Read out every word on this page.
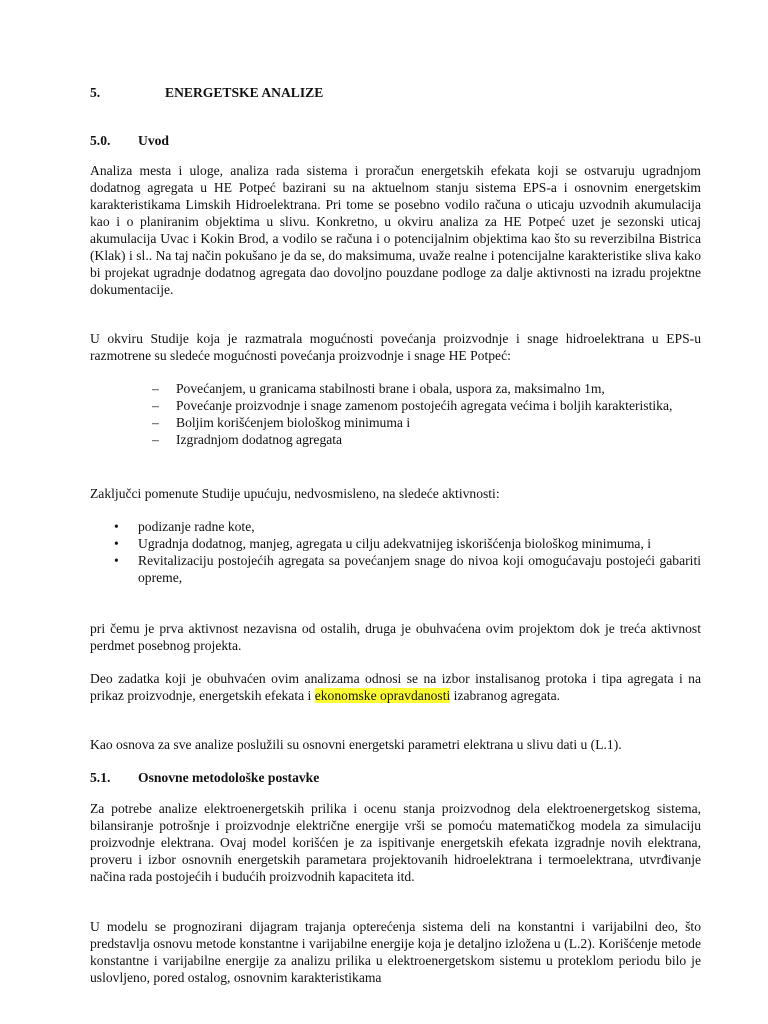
5.	ENERGETSKE ANALIZE
5.0. Uvod

Analiza mesta i uloge, analiza rada sistema i proračun energetskih efekata koji se ostvaruju ugradnjom dodatnog agregata u HE Potpeć bazirani su na aktuelnom stanju sistema EPS-a i osnovnim energetskim karakteristikama Limskih Hidroelektrana. Pri tome se posebno vodilo računa o uticaju uzvodnih akumulacija kao i o planiranim objektima u slivu. Konkretno, u okviru analiza za HE Potpeć uzet je sezonski uticaj akumulacija Uvac i Kokin Brod, a vodilo se računa i o potencijalnim objektima kao što su reverzibilna Bistrica (Klak) i sl.. Na taj način pokušano je da se, do maksimuma, uvaže realne i potencijalne karakteristike sliva kako bi projekat ugradnje dodatnog agregata dao dovoljno pouzdane podloge za dalje aktivnosti na izradu projektne dokumentacije.

U okviru Studije koja je razmatrala mogućnosti povećanja proizvodnje i snage hidroelektrana u EPS-u razmotrene su sledeće mogućnosti povećanja proizvodnje i snage HE Potpeć:

– Povećanjem, u granicama stabilnosti brane i obala, uspora za, maksimalno 1m,
– Povećanje proizvodnje i snage zamenom postojećih agregata većima i boljih karakteristika,
– Boljim korišćenjem biološkog minimuma i
– Izgradnjom dodatnog agregata

Zaključci pomenute Studije upućuju, nedvosmisleno, na sledeće aktivnosti:

• podizanje radne kote,
• Ugradnja dodatnog, manjeg, agregata u cilju adekvatnijeg iskorišćenja biološkog minimuma, i
• Revitalizaciju postojećih agregata sa povećanjem snage do nivoa koji omogućavaju postojeći gabariti opreme,

pri čemu je prva aktivnost nezavisna od ostalih, druga je obuhvaćena ovim projektom dok je treća aktivnost perdmet posebnog projekta.

Deo zadatka koji je obuhvaćen ovim analizama odnosi se na izbor instalisanog protoka i tipa agregata i na prikaz proizvodnje, energetskih efekata i ekonomske opravdanosti izabranog agregata.

Kao osnova za sve analize poslužili su osnovni energetski parametri elektrana u slivu dati u (L.1).

5.1. Osnovne metodološke postavke

Za potrebe analize elektroenergetskih prilika i ocenu stanja proizvodnog dela elektroenergetskog sistema, bilansiranje potrošnje i proizvodnje električne energije vrši se pomoću matematičkog modela za simulaciju proizvodnje elektrana. Ovaj model korišćen je za ispitivanje energetskih efekata izgradnje novih elektrana, proveru i izbor osnovnih energetskih parametara projektovanih hidroelektrana i termoelektrana, utvrđivanje načina rada postojećih i budućih proizvodnih kapaciteta itd.

U modelu se prognozirani dijagram trajanja opterećenja sistema deli na konstantni i varijabilni deo, što predstavlja osnovu metode konstantne i varijabilne energije koja je detaljno izložena u (L.2). Korišćenje metode konstantne i varijabilne energije za analizu prilika u elektroenergetskom sistemu u proteklom periodu bilo je uslovljeno, pored ostalog, osnovnim karakteristikama
